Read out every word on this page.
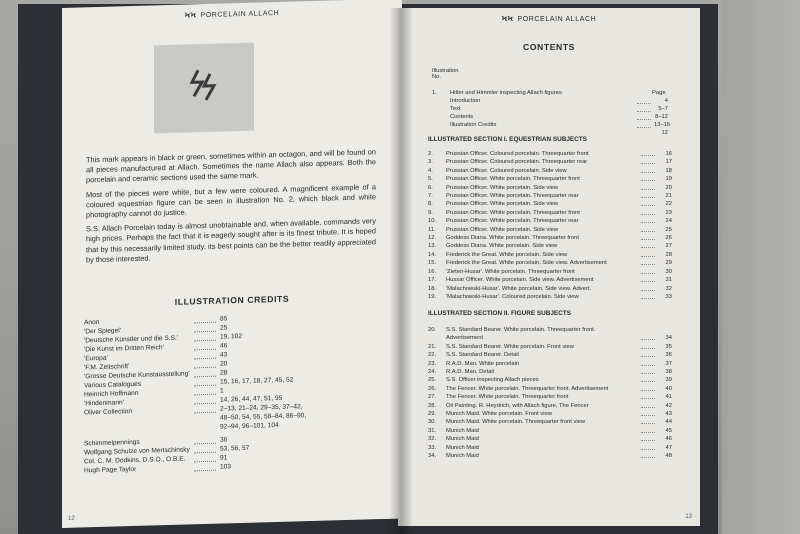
ϞϞ PORCELAIN ALLACH

This mark appears in black or green, sometimes within an octagon, and will be found on all pieces manufactured at Allach. Sometimes the name Allach also appears. Both the porcelain and ceramic sections used the same mark.

Most of the pieces were white, but a few were coloured. A magnificent example of a coloured equestrian figure can be seen in illustration No. 2, which black and white photography cannot do justice.

S.S. Allach Porcelain today is almost unobtainable and, when available, commands very high prices. Perhaps the fact that it is eagerly sought after is its finest tribute. It is hoped that by this necessarily limited study, its best points can be the better readily appreciated by those interested.

ILLUSTRATION CREDITS
Anon	85
'Der Spiegel'	25
'Deutsche Künstler und die S.S.'	19, 102
'Die Kunst im Dritten Reich'	46
'Europa'	43
'F.M. Zeitschrift'	20
'Grosse Deutsche Kunstausstellung'	28
Various Catalogues	15, 16, 17, 18, 27, 45, 52
Heinrich Hoffmann	1
'Hindenmann'	14, 26, 44, 47, 51, 95
Oliver Collection	2–13, 21–24, 29–35, 37–42,
48–50, 54, 55, 58–84, 86–90,
92–94, 96–101, 104
Schimmelpennings	36
Wolfgang Schulze von Mertschinsky	53, 56, 57
Col. C. M. Dodkins, D.S.O., O.B.E.	91
Hugh Page Taylor	103
12
ϞϞ PORCELAIN ALLACH
CONTENTS
Illustration
No.
Page
1.	Hitler and Himmler inspecting Allach figures
Introduction	4
Text	5–7
Contents	8–12
Illustration Credits	13–15
12
ILLUSTRATED SECTION I. EQUESTRIAN SUBJECTS
2.	Prussian Officer. Coloured porcelain. Threequarter front	16
3.	Prussian Officer. Coloured porcelain. Threequarter rear	17
4.	Prussian Officer. Coloured porcelain. Side view	18
5.	Prussian Officer. White porcelain. Threequarter front	19
6.	Prussian Officer. White porcelain. Side view	20
7.	Prussian Officer. White porcelain. Threequarter rear	21
8.	Prussian Officer. White porcelain. Side view	22
9.	Prussian Officer. White porcelain. Threequarter front	23
10.	Prussian Officer. White porcelain. Threequarter rear	24
11.	Prussian Officer. White porcelain. Side view	25
12.	Goddess Diana. White porcelain. Threequarter front	26
13.	Goddess Diana. White porcelain. Side view	27
14.	Frederick the Great. White porcelain. Side view	28
15.	Frederick the Great. White porcelain. Side view. Advertisement	29
16.	'Zieten-Husar'. White porcelain. Threequarter front	30
17.	Hussar Officer. White porcelain. Side view. Advertisement	31
18.	'Malachowski-Husar'. White porcelain. Side view. Advert.	32
19.	'Malachowski-Husar'. Coloured porcelain. Side view	33
ILLUSTRATED SECTION II. FIGURE SUBJECTS
20.	S.S. Standard Bearer. White porcelain. Threequarter front.
Advertisement	34
21.	S.S. Standard Bearer. White porcelain. Front view	35
22.	S.S. Standard Bearer. Detail	36
23.	R.A.D. Man. White porcelain	37
24.	R.A.D. Man. Detail	38
25.	S.S. Officer inspecting Allach pieces	39
26.	The Fencer. White porcelain. Threequarter front. Advertisement	40
27.	The Fencer. White porcelain. Threequarter front	41
28.	Oil Painting. R. Heydrich, with Allach figure, The Fencer	42
29.	Munich Maid. White porcelain. Front view	43
30.	Munich Maid. White porcelain. Threequarter front view	44
31.	Munich Maid	45
32.	Munich Maid	46
33.	Munich Maid	47
34.	Munich Maid	48
13
